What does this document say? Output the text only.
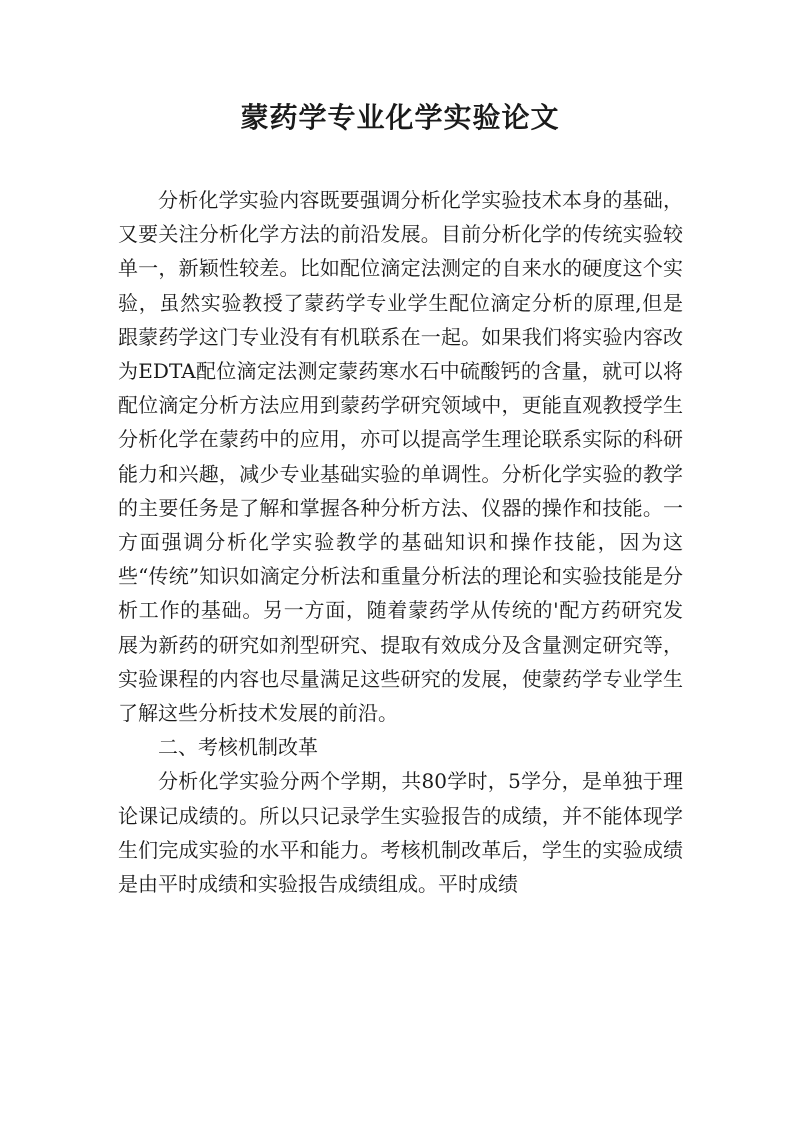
蒙药学专业化学实验论文

分析化学实验内容既要强调分析化学实验技术本身的基础，又要关注分析化学方法的前沿发展。目前分析化学的传统实验较单一，新颖性较差。比如配位滴定法测定的自来水的硬度这个实验，虽然实验教授了蒙药学专业学生配位滴定分析的原理,但是跟蒙药学这门专业没有有机联系在一起。如果我们将实验内容改为EDTA配位滴定法测定蒙药寒水石中硫酸钙的含量，就可以将配位滴定分析方法应用到蒙药学研究领域中，更能直观教授学生分析化学在蒙药中的应用，亦可以提高学生理论联系实际的科研能力和兴趣，减少专业基础实验的单调性。分析化学实验的教学的主要任务是了解和掌握各种分析方法、仪器的操作和技能。一方面强调分析化学实验教学的基础知识和操作技能，因为这些“传统”知识如滴定分析法和重量分析法的理论和实验技能是分析工作的基础。另一方面，随着蒙药学从传统的'配方药研究发展为新药的研究如剂型研究、提取有效成分及含量测定研究等，实验课程的内容也尽量满足这些研究的发展，使蒙药学专业学生了解这些分析技术发展的前沿。

二、考核机制改革

分析化学实验分两个学期，共80学时，5学分，是单独于理论课记成绩的。所以只记录学生实验报告的成绩，并不能体现学生们完成实验的水平和能力。考核机制改革后，学生的实验成绩是由平时成绩和实验报告成绩组成。平时成绩
